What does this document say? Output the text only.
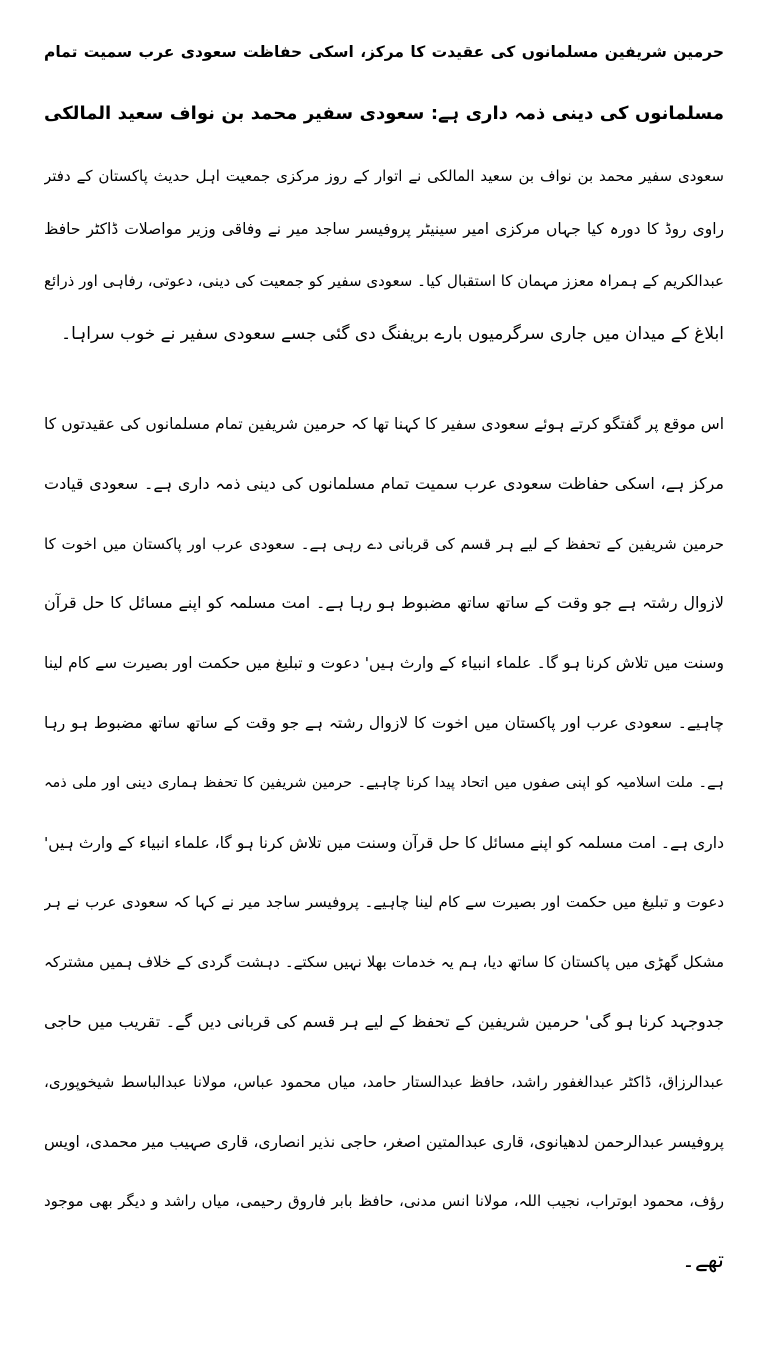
حرمین شریفین مسلمانوں کی عقیدت کا مرکز، اسکی حفاظت سعودی عرب سمیت تمام
مسلمانوں کی دینی ذمہ داری ہے: سعودی سفیر محمد بن نواف سعید المالکی
سعودی سفیر محمد بن نواف بن سعید المالکی نے اتوار کے روز مرکزی جمعیت اہل حدیث پاکستان کے دفتر
راوی روڈ کا دورہ کیا جہاں مرکزی امیر سینیٹر پروفیسر ساجد میر نے وفاقی وزیر مواصلات ڈاکٹر حافظ
عبدالکریم کے ہمراہ معزز مہمان کا استقبال کیا۔ سعودی سفیر کو جمعیت کی دینی، دعوتی، رفاہی اور ذرائع
ابلاغ کے میدان میں جاری سرگرمیوں بارے بریفنگ دی گئی جسے سعودی سفیر نے خوب سراہا۔
اس موقع پر گفتگو کرتے ہوئے سعودی سفیر کا کہنا تھا کہ حرمین شریفین تمام مسلمانوں کی عقیدتوں کا
مرکز ہے، اسکی حفاظت سعودی عرب سمیت تمام مسلمانوں کی دینی ذمہ داری ہے۔ سعودی قیادت
حرمین شریفین کے تحفظ کے لیے ہر قسم کی قربانی دے رہی ہے۔ سعودی عرب اور پاکستان میں اخوت کا
لازوال رشتہ ہے جو وقت کے ساتھ ساتھ مضبوط ہو رہا ہے۔ امت مسلمہ کو اپنے مسائل کا حل قرآن
وسنت میں تلاش کرنا ہو گا۔ علماء انبیاء کے وارث ہیں' دعوت و تبلیغ میں حکمت اور بصیرت سے کام لینا
چاہیے۔ سعودی عرب اور پاکستان میں اخوت کا لازوال رشتہ ہے جو وقت کے ساتھ ساتھ مضبوط ہو رہا
ہے۔ ملت اسلامیہ کو اپنی صفوں میں اتحاد پیدا کرنا چاہیے۔ حرمین شریفین کا تحفظ ہماری دینی اور ملی ذمہ
داری ہے۔ امت مسلمہ کو اپنے مسائل کا حل قرآن وسنت میں تلاش کرنا ہو گا، علماء انبیاء کے وارث ہیں'
دعوت و تبلیغ میں حکمت اور بصیرت سے کام لینا چاہیے۔ پروفیسر ساجد میر نے کہا کہ سعودی عرب نے ہر
مشکل گھڑی میں پاکستان کا ساتھ دیا، ہم یہ خدمات بھلا نہیں سکتے۔ دہشت گردی کے خلاف ہمیں مشترکہ
جدوجہد کرنا ہو گی' حرمین شریفین کے تحفظ کے لیے ہر قسم کی قربانی دیں گے۔ تقریب میں حاجی
عبدالرزاق، ڈاکٹر عبدالغفور راشد، حافظ عبدالستار حامد، میاں محمود عباس، مولانا عبدالباسط شیخوپوری،
پروفیسر عبدالرحمن لدھیانوی، قاری عبدالمتین اصغر، حاجی نذیر انصاری، قاری صہیب میر محمدی، اویس
رؤف، محمود ابوتراب، نجیب اللہ، مولانا انس مدنی، حافظ بابر فاروق رحیمی، میاں راشد و دیگر بھی موجود
تھے۔
